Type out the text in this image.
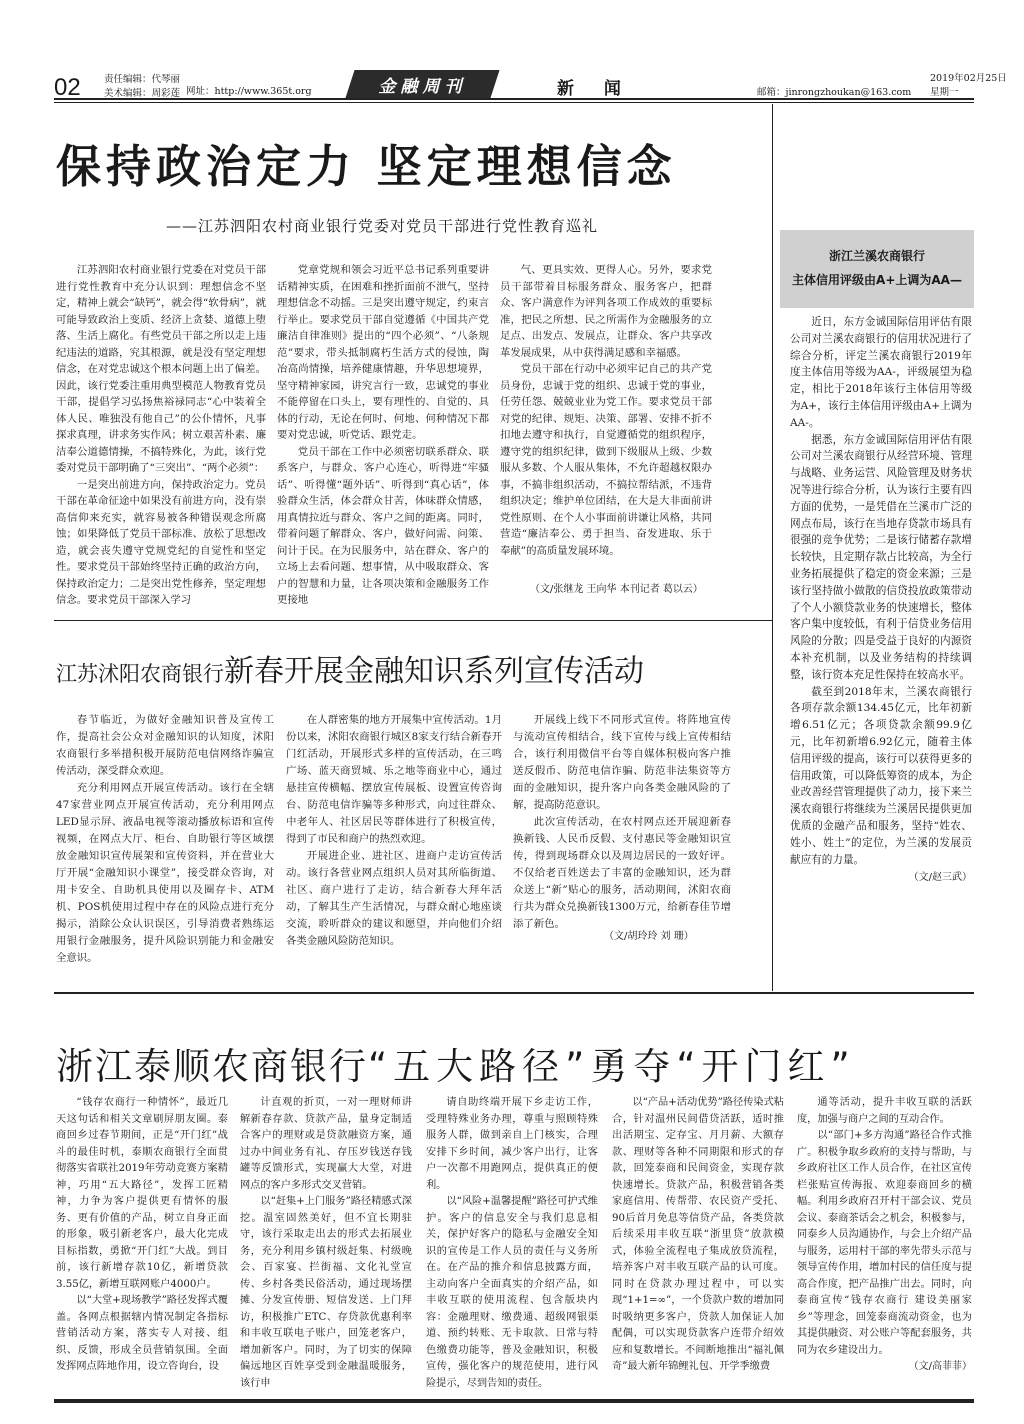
02 责任编辑：代琴丽
美术编辑：周彩莲 网址：http://www.365t.org	金融周刊	新 闻	邮箱：jinrongzhoukan@163.com
2019年02月25日
星期一
保持政治定力 坚定理想信念
——江苏泗阳农村商业银行党委对党员干部进行党性教育巡礼

江苏泗阳农村商业银行党委在对党员干部进行党性教育中充分认识到：理想信念不坚定，精神上就会“缺钙”，就会得“软骨病”，就可能导致政治上变质、经济上贪婪、道德上堕落、生活上腐化。有些党员干部之所以走上违纪违法的道路，究其根源，就是没有坚定理想信念，在对党忠诚这个根本问题上出了偏差。因此，该行党委注重用典型模范人物教育党员干部，提倡学习弘扬焦裕禄同志“心中装着全体人民、唯独没有他自己”的公仆情怀，凡事探求真理，讲求务实作风；树立艰苦朴素、廉洁奉公道德情操，不搞特殊化，为此，该行党委对党员干部明确了“三突出”、“两个必须”：

一是突出前进方向，保持政治定力。党员干部在革命征途中如果没有前进方向，没有崇高信仰来充实，就容易被各种错误观念所腐蚀；如果降低了党员干部标准、放松了思想改造，就会丧失遵守党规党纪的自觉性和坚定性。要求党员干部始终坚持正确的政治方向，保持政治定力；二是突出党性修养，坚定理想信念。要求党员干部深入学习

党章党规和领会习近平总书记系列重要讲话精神实质，在困难和挫折面前不泄气，坚持理想信念不动摇。三是突出遵守规定，约束言行举止。要求党员干部自觉遵循《中国共产党廉洁自律准则》提出的“四个必须”、“八条规范”要求，带头抵制腐朽生活方式的侵蚀，陶冶高尚情操，培养健康情趣，升华思想境界，坚守精神家园，讲究言行一致，忠诚党的事业不能停留在口头上，要有理性的、自觉的、具体的行动，无论在何时、何地、何种情况下都要对党忠诚，听党话、跟党走。

党员干部在工作中必须密切联系群众、联系客户，与群众、客户心连心，听得进“牢骚话”、听得懂“题外话”、听得到“真心话”，体验群众生活，体会群众甘苦，体味群众情感，用真情拉近与群众、客户之间的距离。同时，带着问题了解群众、客户，做好问需、问策、问计于民。在为民服务中，站在群众、客户的立场上去看问题、想事情，从中吸取群众、客户的智慧和力量，让各项决策和金融服务工作更接地

气、更具实效、更得人心。另外，要求党员干部带着目标服务群众、服务客户，把群众、客户满意作为评判各项工作成效的重要标准，把民之所想、民之所需作为金融服务的立足点、出发点、发展点，让群众、客户共享改革发展成果，从中获得满足感和幸福感。

党员干部在行动中必须牢记自己的共产党员身份，忠诚于党的组织、忠诚于党的事业，任劳任怨、兢兢业业为党工作。要求党员干部对党的纪律、规矩、决策、部署、安排不折不扣地去遵守和执行，自觉遵循党的组织程序，遵守党的组织纪律，做到下级服从上级、少数服从多数、个人服从集体，不允许超越权限办事，不搞非组织活动，不搞拉帮结派，不违背组织决定；维护单位团结，在大是大非面前讲党性原则、在个人小事面前讲谦让风格，共同营造“廉洁奉公、勇于担当、奋发进取、乐于奉献”的高质量发展环境。

（文/张继龙 王向华 本刊记者 葛以云）
浙江兰溪农商银行
主体信用评级由A+上调为AA—

近日，东方金诚国际信用评估有限公司对兰溪农商银行的信用状况进行了综合分析，评定兰溪农商银行2019年度主体信用等级为AA-，评级展望为稳定，相比于2018年该行主体信用等级为A+，该行主体信用评级由A+上调为AA-。

据悉，东方金诚国际信用评估有限公司对兰溪农商银行从经营环境、管理与战略、业务运营、风险管理及财务状况等进行综合分析，认为该行主要有四方面的优势，一是凭借在兰溪市广泛的网点布局，该行在当地存贷款市场具有很强的竞争优势；二是该行储蓄存款增长较快，且定期存款占比较高，为全行业务拓展提供了稳定的资金来源；三是该行坚持做小做散的信贷投放政策带动了个人小额贷款业务的快速增长，整体客户集中度较低，有利于信贷业务信用风险的分散；四是受益于良好的内源资本补充机制，以及业务结构的持续调整，该行资本充足性保持在较高水平。

截至到2018年末，兰溪农商银行各项存款余额134.45亿元，比年初新增6.51亿元；各项贷款余额99.9亿元，比年初新增6.92亿元，随着主体信用评级的提高，该行可以获得更多的信用政策，可以降低筹资的成本，为企业改善经营管理提供了动力，接下来兰溪农商银行将继续为兰溪居民提供更加优质的金融产品和服务，坚持“姓农、姓小、姓土”的定位，为兰溪的发展贡献应有的力量。

（文/赵三武）
江苏沭阳农商银行新春开展金融知识系列宣传活动

春节临近，为做好金融知识普及宣传工作，提高社会公众对金融知识的认知度，沭阳农商银行多举措积极开展防范电信网络诈骗宣传活动，深受群众欢迎。

充分利用网点开展宣传活动。该行在全辖47家营业网点开展宣传活动，充分利用网点LED显示屏、液晶电视等滚动播放标语和宣传视频，在网点大厅、柜台、自助银行等区域摆放金融知识宣传展架和宣传资料，并在营业大厅开展“金融知识小课堂”，接受群众咨询，对用卡安全、自助机具使用以及圈存卡、ATM机、POS机使用过程中存在的风险点进行充分揭示，消除公众认识误区，引导消费者熟练运用银行金融服务，提升风险识别能力和金融安全意识。

在人群密集的地方开展集中宣传活动。1月份以来，沭阳农商银行城区8家支行结合新春开门红活动，开展形式多样的宣传活动，在三鸣广场、蓝天商贸城、乐之地等商业中心，通过悬挂宣传横幅、摆放宣传展板、设置宣传咨询台、防范电信诈骗等多种形式，向过往群众、中老年人、社区居民等群体进行了积极宣传，得到了市民和商户的热烈欢迎。

开展进企业、进社区、进商户走访宣传活动。该行各营业网点组织人员对其所临街道、社区、商户进行了走访，结合新春大拜年活动，了解其生产生活情况，与群众耐心地座谈交流，聆听群众的建议和愿望，并向他们介绍各类金融风险防范知识。

开展线上线下不同形式宣传。将阵地宣传与流动宣传相结合，线下宣传与线上宣传相结合，该行利用微信平台等自媒体积极向客户推送反假币、防范电信诈骗、防范非法集资等方面的金融知识，提升客户向各类金融风险的了解，提高防范意识。

此次宣传活动，在农村网点还开展迎新春换新钱、人民币反假、支付惠民等金融知识宣传，得到现场群众以及周边居民的一致好评。不仅给老百姓送去了丰富的金融知识，还为群众送上“新”贴心的服务，活动期间，沭阳农商行共为群众兑换新钱1300万元，给新春佳节增添了新色。

（文/胡玲玲 刘 珊）
浙江泰顺农商银行“五大路径”勇夺“开门红”

“钱存农商行一种情怀”，最近几天这句话和相关文章刷屏朋友圈。泰商回乡过春节期间，正是“开门红”战斗的最佳时机，泰顺农商银行全面贯彻落实省联社2019年劳动竞赛方案精神，巧用“五大路径”，发挥工匠精神，力争为客户提供更有情怀的服务、更有价值的产品，树立自身正面的形象，吸引新老客户，最大化完成目标指数，勇掀“开门红”大战。到目前，该行新增存款10亿，新增贷款3.55亿，新增互联网账户4000户。

以“大堂+现场教学”路径发挥式覆盖。各网点根据辖内情况制定各指标营销活动方案，落实专人对接、组织、反馈，形成全员营销氛围。全面发挥网点阵地作用，设立咨询台，设

计直观的折页，一对一理财师讲解新春存款、贷款产品，量身定制适合客户的理财或是贷款融资方案，通过办中间业务有礼、存压岁钱送存钱罐等反馈形式，实现赢大大堂，对进网点的客户多形式交叉营销。

以“赶集+上门服务”路径精感式深挖。温室固然美好，但不宜长期驻守，该行采取走出去的形式去拓展业务，充分利用乡镇村级赶集、村级晚会、百家宴、拦街福、文化礼堂宣传、乡村各类民俗活动，通过现场摆摊、分发宣传册、短信发送、上门拜访，积极推广ETC、存贷款优惠利率和丰收互联电子账户，回笼老客户，增加新客户。同时，为了切实的保障偏远地区百姓享受到金融温暖服务，该行申

请自助终端开展下乡走访工作，受理特殊业务办理，尊重与照顾特殊服务人群，做到亲自上门核实，合理安排下乡时间，减少客户出行，让客户一次都不用跑网点，提供真正的便利。

以“风险+温馨提醒”路径可护式维护。客户的信息安全与我们息息相关，保护好客户的隐私与金融安全知识的宣传是工作人员的责任与义务所在。在产品的推介和信息披露方面，主动向客户全面真实的介绍产品，如丰收互联的使用流程、包含版块内容：金融理财、缴费通、超级网银渠道、预约转账、无卡取款、日常与特色缴费功能等，普及金融知识，积极宣传，强化客户的规范使用，进行风险提示，尽到告知的责任。

以“产品+活动优势”路径传染式粘合，针对温州民间借贷活跃，适时推出活期宝、定存宝、月月薪、大额存款、理财等各种不同期限和形式的存款，回笼泰商和民间资金，实现存款快速增长。贷款产品，积极营销各类家庭信用、传帮带、农民资产受托、90后首月免息等信贷产品，各类贷款后续采用丰收互联“浙里贷”放款模式，体验全流程电子集成放贷流程，培养客户对丰收互联产品的认可度。同时在贷款办理过程中，可以实现“1+1=∞”，一个贷款户数的增加同时吸纳更多客户，贷款人加保证人加配偶，可以实现贷款客户连带介绍效应和复数增长。不间断地推出“福礼佩奇”最大新年锦鲤礼包、开学季缴费

通等活动，提升丰收互联的活跃度，加强与商户之间的互动合作。

以“部门+多方沟通”路径合作式推广。积极争取乡政府的支持与帮助，与乡政府社区工作人员合作，在社区宣传栏张贴宣传海报、欢迎泰商回乡的横幅。利用乡政府召开村干部会议、党员会议、泰商茶话会之机会，积极参与，同泰乡人员沟通协作，与会上介绍产品与服务，运用村干部的率先带头示范与领导宣传作用，增加村民的信任度与提高合作度，把产品推广出去。同时，向泰商宣传“钱存农商行 建设美丽家乡”等理念，回笼泰商流动资金，也为其提供融资、对公账户等配套服务，共同为农乡建设出力。

（文/高菲菲）
